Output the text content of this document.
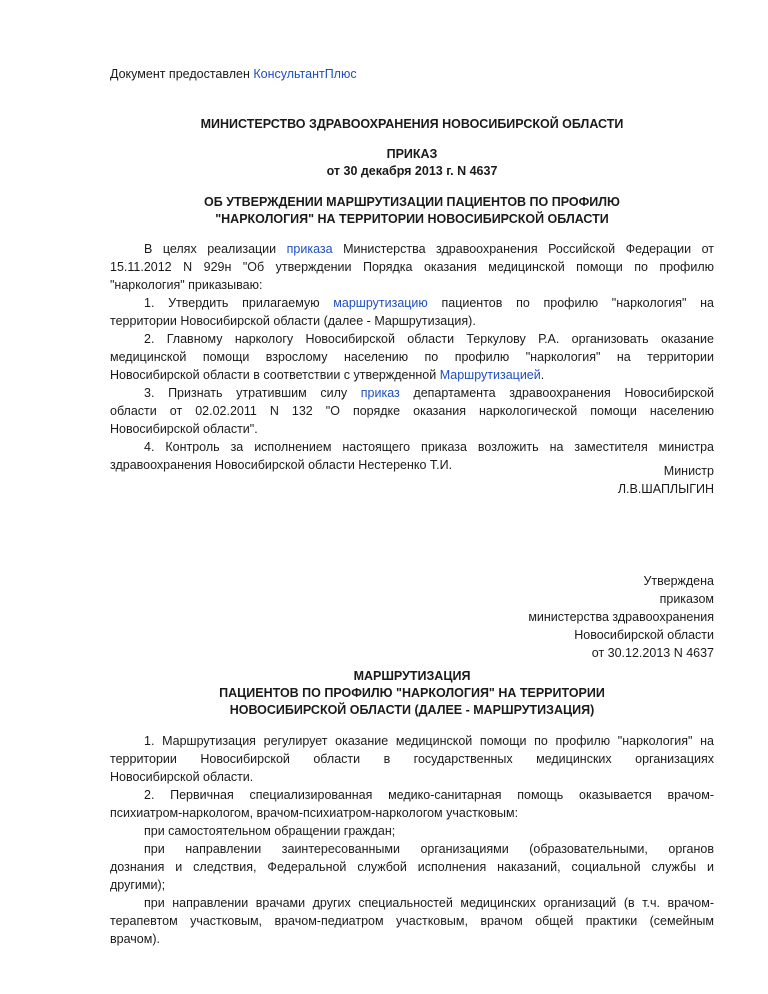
Документ предоставлен КонсультантПлюс
МИНИСТЕРСТВО ЗДРАВООХРАНЕНИЯ НОВОСИБИРСКОЙ ОБЛАСТИ
ПРИКАЗ
от 30 декабря 2013 г. N 4637
ОБ УТВЕРЖДЕНИИ МАРШРУТИЗАЦИИ ПАЦИЕНТОВ ПО ПРОФИЛЮ
"НАРКОЛОГИЯ" НА ТЕРРИТОРИИ НОВОСИБИРСКОЙ ОБЛАСТИ
В целях реализации приказа Министерства здравоохранения Российской Федерации от
15.11.2012 N 929н "Об утверждении Порядка оказания медицинской помощи по профилю
"наркология" приказываю:
1. Утвердить прилагаемую маршрутизацию пациентов по профилю "наркология" на
территории Новосибирской области (далее - Маршрутизация).
2. Главному наркологу Новосибирской области Теркулову Р.А. организовать оказание
медицинской помощи взрослому населению по профилю "наркология" на территории
Новосибирской области в соответствии с утвержденной Маршрутизацией.
3. Признать утратившим силу приказ департамента здравоохранения Новосибирской
области от 02.02.2011 N 132 "О порядке оказания наркологической помощи населению
Новосибирской области".
4. Контроль за исполнением настоящего приказа возложить на заместителя министра
здравоохранения Новосибирской области Нестеренко Т.И.	Министр
Л.В.ШАПЛЫГИН
Утверждена
приказом
министерства здравоохранения
Новосибирской области
от 30.12.2013 N 4637
МАРШРУТИЗАЦИЯ
ПАЦИЕНТОВ ПО ПРОФИЛЮ "НАРКОЛОГИЯ" НА ТЕРРИТОРИИ
НОВОСИБИРСКОЙ ОБЛАСТИ (ДАЛЕЕ - МАРШРУТИЗАЦИЯ)
1. Маршрутизация регулирует оказание медицинской помощи по профилю "наркология" на
территории Новосибирской области в государственных медицинских организациях
Новосибирской области.
2. Первичная специализированная медико-санитарная помощь оказывается врачом-
психиатром-наркологом, врачом-психиатром-наркологом участковым:
при самостоятельном обращении граждан;
при направлении заинтересованными организациями (образовательными, органов
дознания и следствия, Федеральной службой исполнения наказаний, социальной службы и
другими);
при направлении врачами других специальностей медицинских организаций (в т.ч. врачом-
терапевтом участковым, врачом-педиатром участковым, врачом общей практики (семейным
врачом).
